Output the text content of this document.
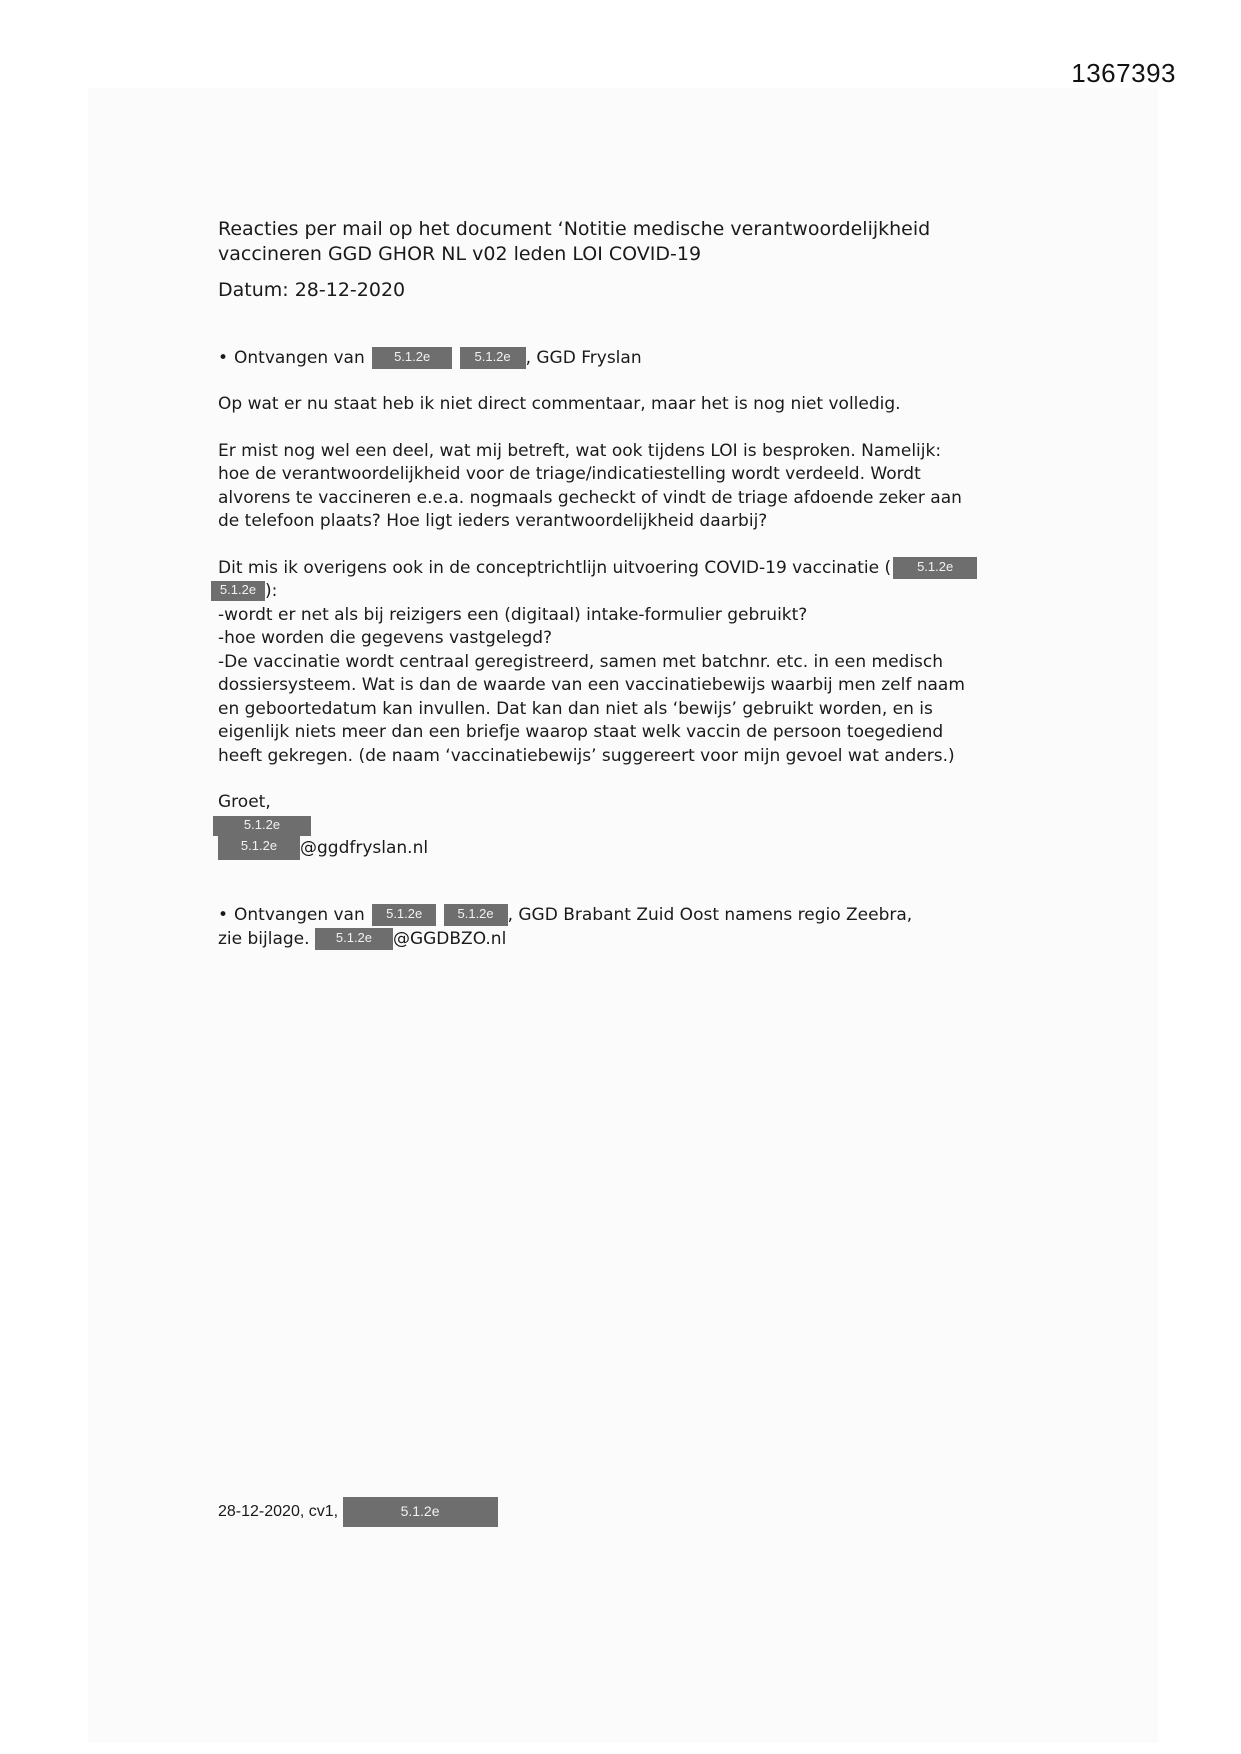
1367393
Reacties per mail op het document ‘Notitie medische verantwoordelijkheid
vaccineren GGD GHOR NL v02 leden LOI COVID-19

Datum: 28-12-2020

• Ontvangen van 5.1.2e	5.1.2e , GGD Fryslan

Op wat er nu staat heb ik niet direct commentaar, maar het is nog niet volledig.

Er mist nog wel een deel, wat mij betreft, wat ook tijdens LOI is besproken. Namelijk:
hoe de verantwoordelijkheid voor de triage/indicatiestelling wordt verdeeld. Wordt
alvorens te vaccineren e.e.a. nogmaals gecheckt of vindt de triage afdoende zeker aan
de telefoon plaats? Hoe ligt ieders verantwoordelijkheid daarbij?

Dit mis ik overigens ook in de conceptrichtlijn uitvoering COVID-19 vaccinatie ( 5.1.2e
5.1.2e ):
-wordt er net als bij reizigers een (digitaal) intake-formulier gebruikt?
-hoe worden die gegevens vastgelegd?
-De vaccinatie wordt centraal geregistreerd, samen met batchnr. etc. in een medisch
dossiersysteem. Wat is dan de waarde van een vaccinatiebewijs waarbij men zelf naam
en geboortedatum kan invullen. Dat kan dan niet als ‘bewijs’ gebruikt worden, en is
eigenlijk niets meer dan een briefje waarop staat welk vaccin de persoon toegediend
heeft gekregen. (de naam ‘vaccinatiebewijs’ suggereert voor mijn gevoel wat anders.)
Groet,
5.1.2e
5.1.2e @ggdfryslan.nl
• Ontvangen van 5.1.2e	5.1.2e , GGD Brabant Zuid Oost namens regio Zeebra,
zie bijlage. 5.1.2e @GGDBZO.nl
28-12-2020, cv1,	5.1.2e
